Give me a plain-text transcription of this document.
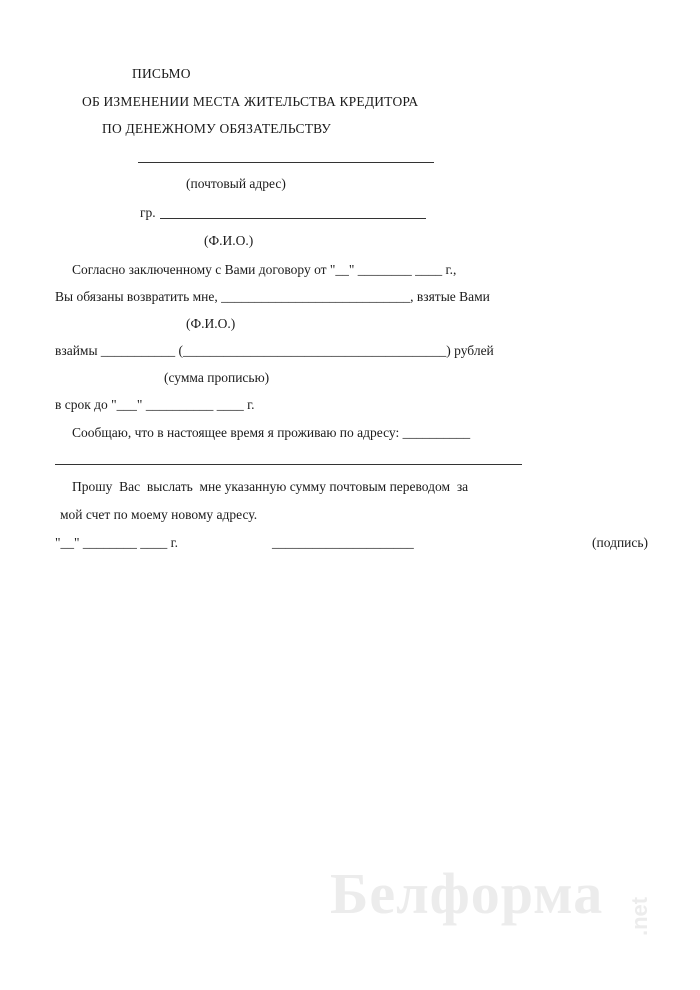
ПИСЬМО
ОБ ИЗМЕНЕНИИ МЕСТА ЖИТЕЛЬСТВА КРЕДИТОРА
ПО ДЕНЕЖНОМУ ОБЯЗАТЕЛЬСТВУ
(почтовый адрес)
гр.
(Ф.И.О.)
Согласно заключенному с Вами договору от "__" ________ ____ г.,
Вы обязаны возвратить мне, ____________________________, взятые Вами
(Ф.И.О.)
взаймы ___________ (_______________________________________) рублей
(сумма прописью)
в срок до "___" __________ ____ г.
Сообщаю, что в настоящее время я проживаю по адресу: __________
Прошу  Вас  выслать  мне указанную сумму почтовым переводом  за
мой счет по моему новому адресу.
"__" ________ ____ г.	_____________________	(подпись)
Белформа .net
